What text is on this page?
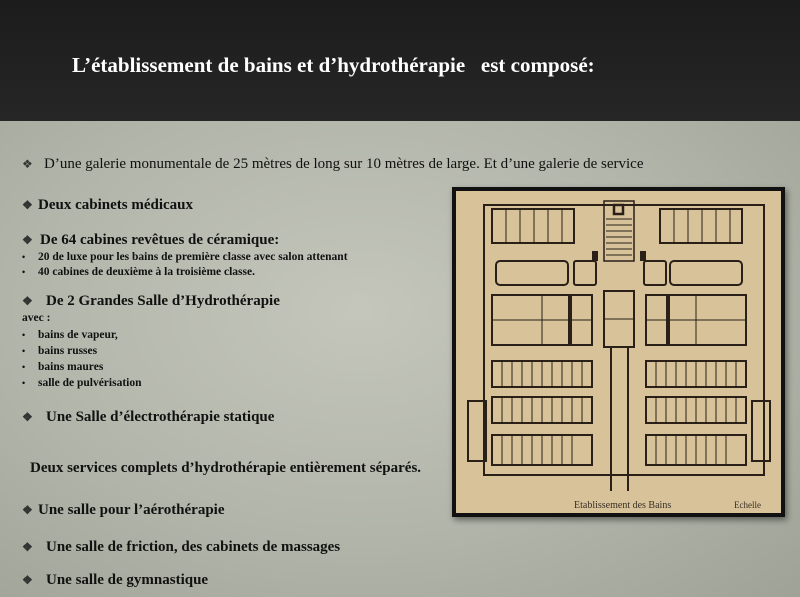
L’établissement de bains et d’hydrothérapie   est composé:
❖ D’une galerie monumentale de 25 mètres de long sur 10 mètres de large. Et d’une galerie de service
❖ Deux cabinets médicaux
❖ De 64 cabines revêtues de céramique:
• 20 de luxe pour les bains de première classe avec salon attenant
• 40 cabines de deuxième à la troisième classe.
❖ De 2 Grandes Salle d’Hydrothérapie
avec :
• bains de vapeur,
• bains russes
• bains maures
• salle de pulvérisation
❖ Une Salle d’électrothérapie statique
Deux services complets d’hydrothérapie entièrement séparés.
❖ Une salle pour l’aérothérapie
❖ Une salle de friction, des cabinets de massages
❖ Une salle de gymnastique
Etablissement des Bains	Echelle
